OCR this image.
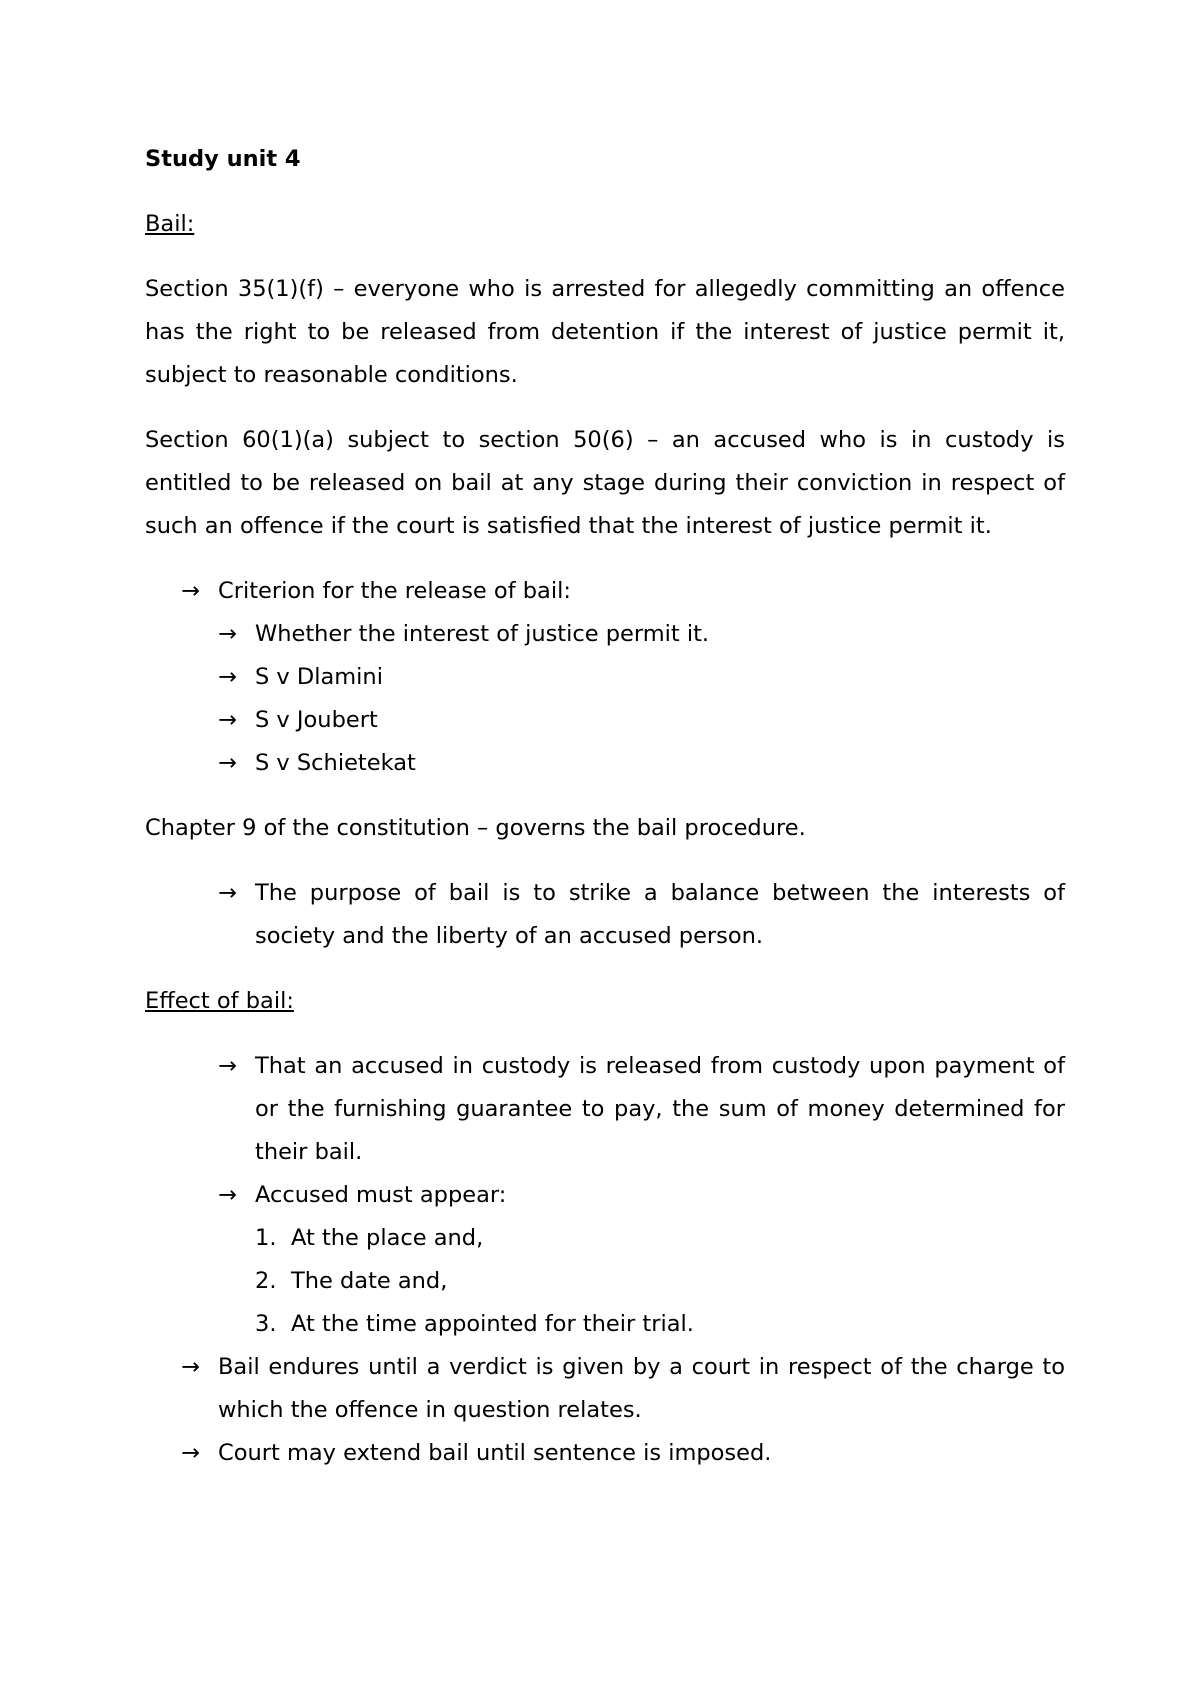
Study unit 4
Bail:
Section 35(1)(f) – everyone who is arrested for allegedly committing an offence has the right to be released from detention if the interest of justice permit it, subject to reasonable conditions.
Section 60(1)(a) subject to section 50(6) – an accused who is in custody is entitled to be released on bail at any stage during their conviction in respect of such an offence if the court is satisfied that the interest of justice permit it.
→ Criterion for the release of bail:
→ Whether the interest of justice permit it.
→ S v Dlamini
→ S v Joubert
→ S v Schietekat
Chapter 9 of the constitution – governs the bail procedure.
→ The purpose of bail is to strike a balance between the interests of society and the liberty of an accused person.
Effect of bail:
→ That an accused in custody is released from custody upon payment of or the furnishing guarantee to pay, the sum of money determined for their bail.
→ Accused must appear:
1. At the place and,
2. The date and,
3. At the time appointed for their trial.
→ Bail endures until a verdict is given by a court in respect of the charge to which the offence in question relates.
→ Court may extend bail until sentence is imposed.
